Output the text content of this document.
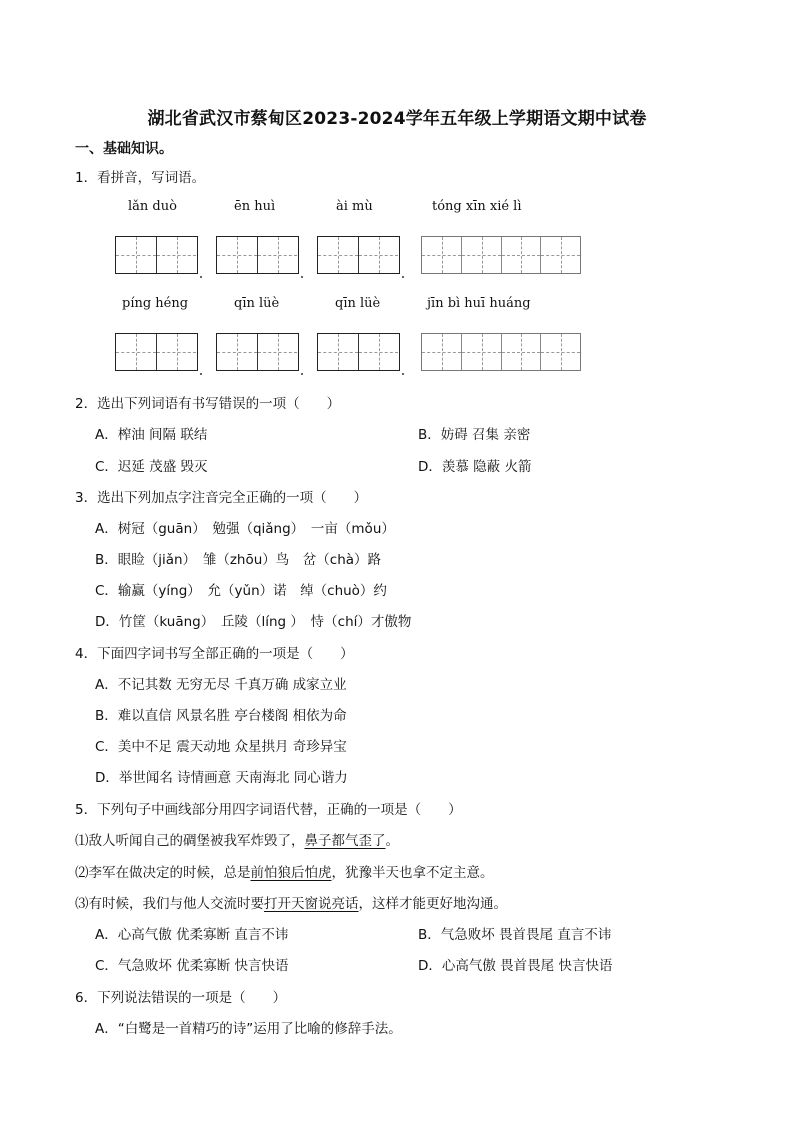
湖北省武汉市蔡甸区2023-2024学年五年级上学期语文期中试卷
一、基础知识。
1．看拼音，写词语。
lǎn duò	ēn huì	ài mù	tóng xīn xié lì
píng héng	qīn lüè	qīn lüè	jīn bì huī huáng
2．选出下列词语有书写错误的一项（　　）
A．榨油 间隔 联结	B．妨碍 召集 亲密
C．迟延 茂盛 毁灭	D．羡慕 隐蔽 火箭
3．选出下列加点字注音完全正确的一项（　　）
A．树冠（guān）　勉强（qiǎng）　一亩（mǒu）
B．眼睑（jiǎn）　雏（zhōu）鸟　岔（chà）路
C．输赢（yíng）　允（yǔn）诺　绰（chuò）约
D．竹筐（kuāng）　丘陵（líng ）　恃（chí）才傲物
4．下面四字词书写全部正确的一项是（　　）
A．不记其数 无穷无尽 千真万确 成家立业
B．难以直信 风景名胜 亭台楼阁 相依为命
C．美中不足 震天动地 众星拱月 奇珍异宝
D．举世闻名 诗情画意 天南海北 同心谐力
5．下列句子中画线部分用四字词语代替，正确的一项是（　　）
⑴敌人听闻自己的碉堡被我军炸毁了，鼻子都气歪了。
⑵李军在做决定的时候，总是前怕狼后怕虎，犹豫半天也拿不定主意。
⑶有时候，我们与他人交流时要打开天窗说亮话，这样才能更好地沟通。
A．心高气傲 优柔寡断 直言不讳	B．气急败坏 畏首畏尾 直言不讳
C．气急败坏 优柔寡断 快言快语	D．心高气傲 畏首畏尾 快言快语
6．下列说法错误的一项是（　　）
A．“白鹭是一首精巧的诗”运用了比喻的修辞手法。
